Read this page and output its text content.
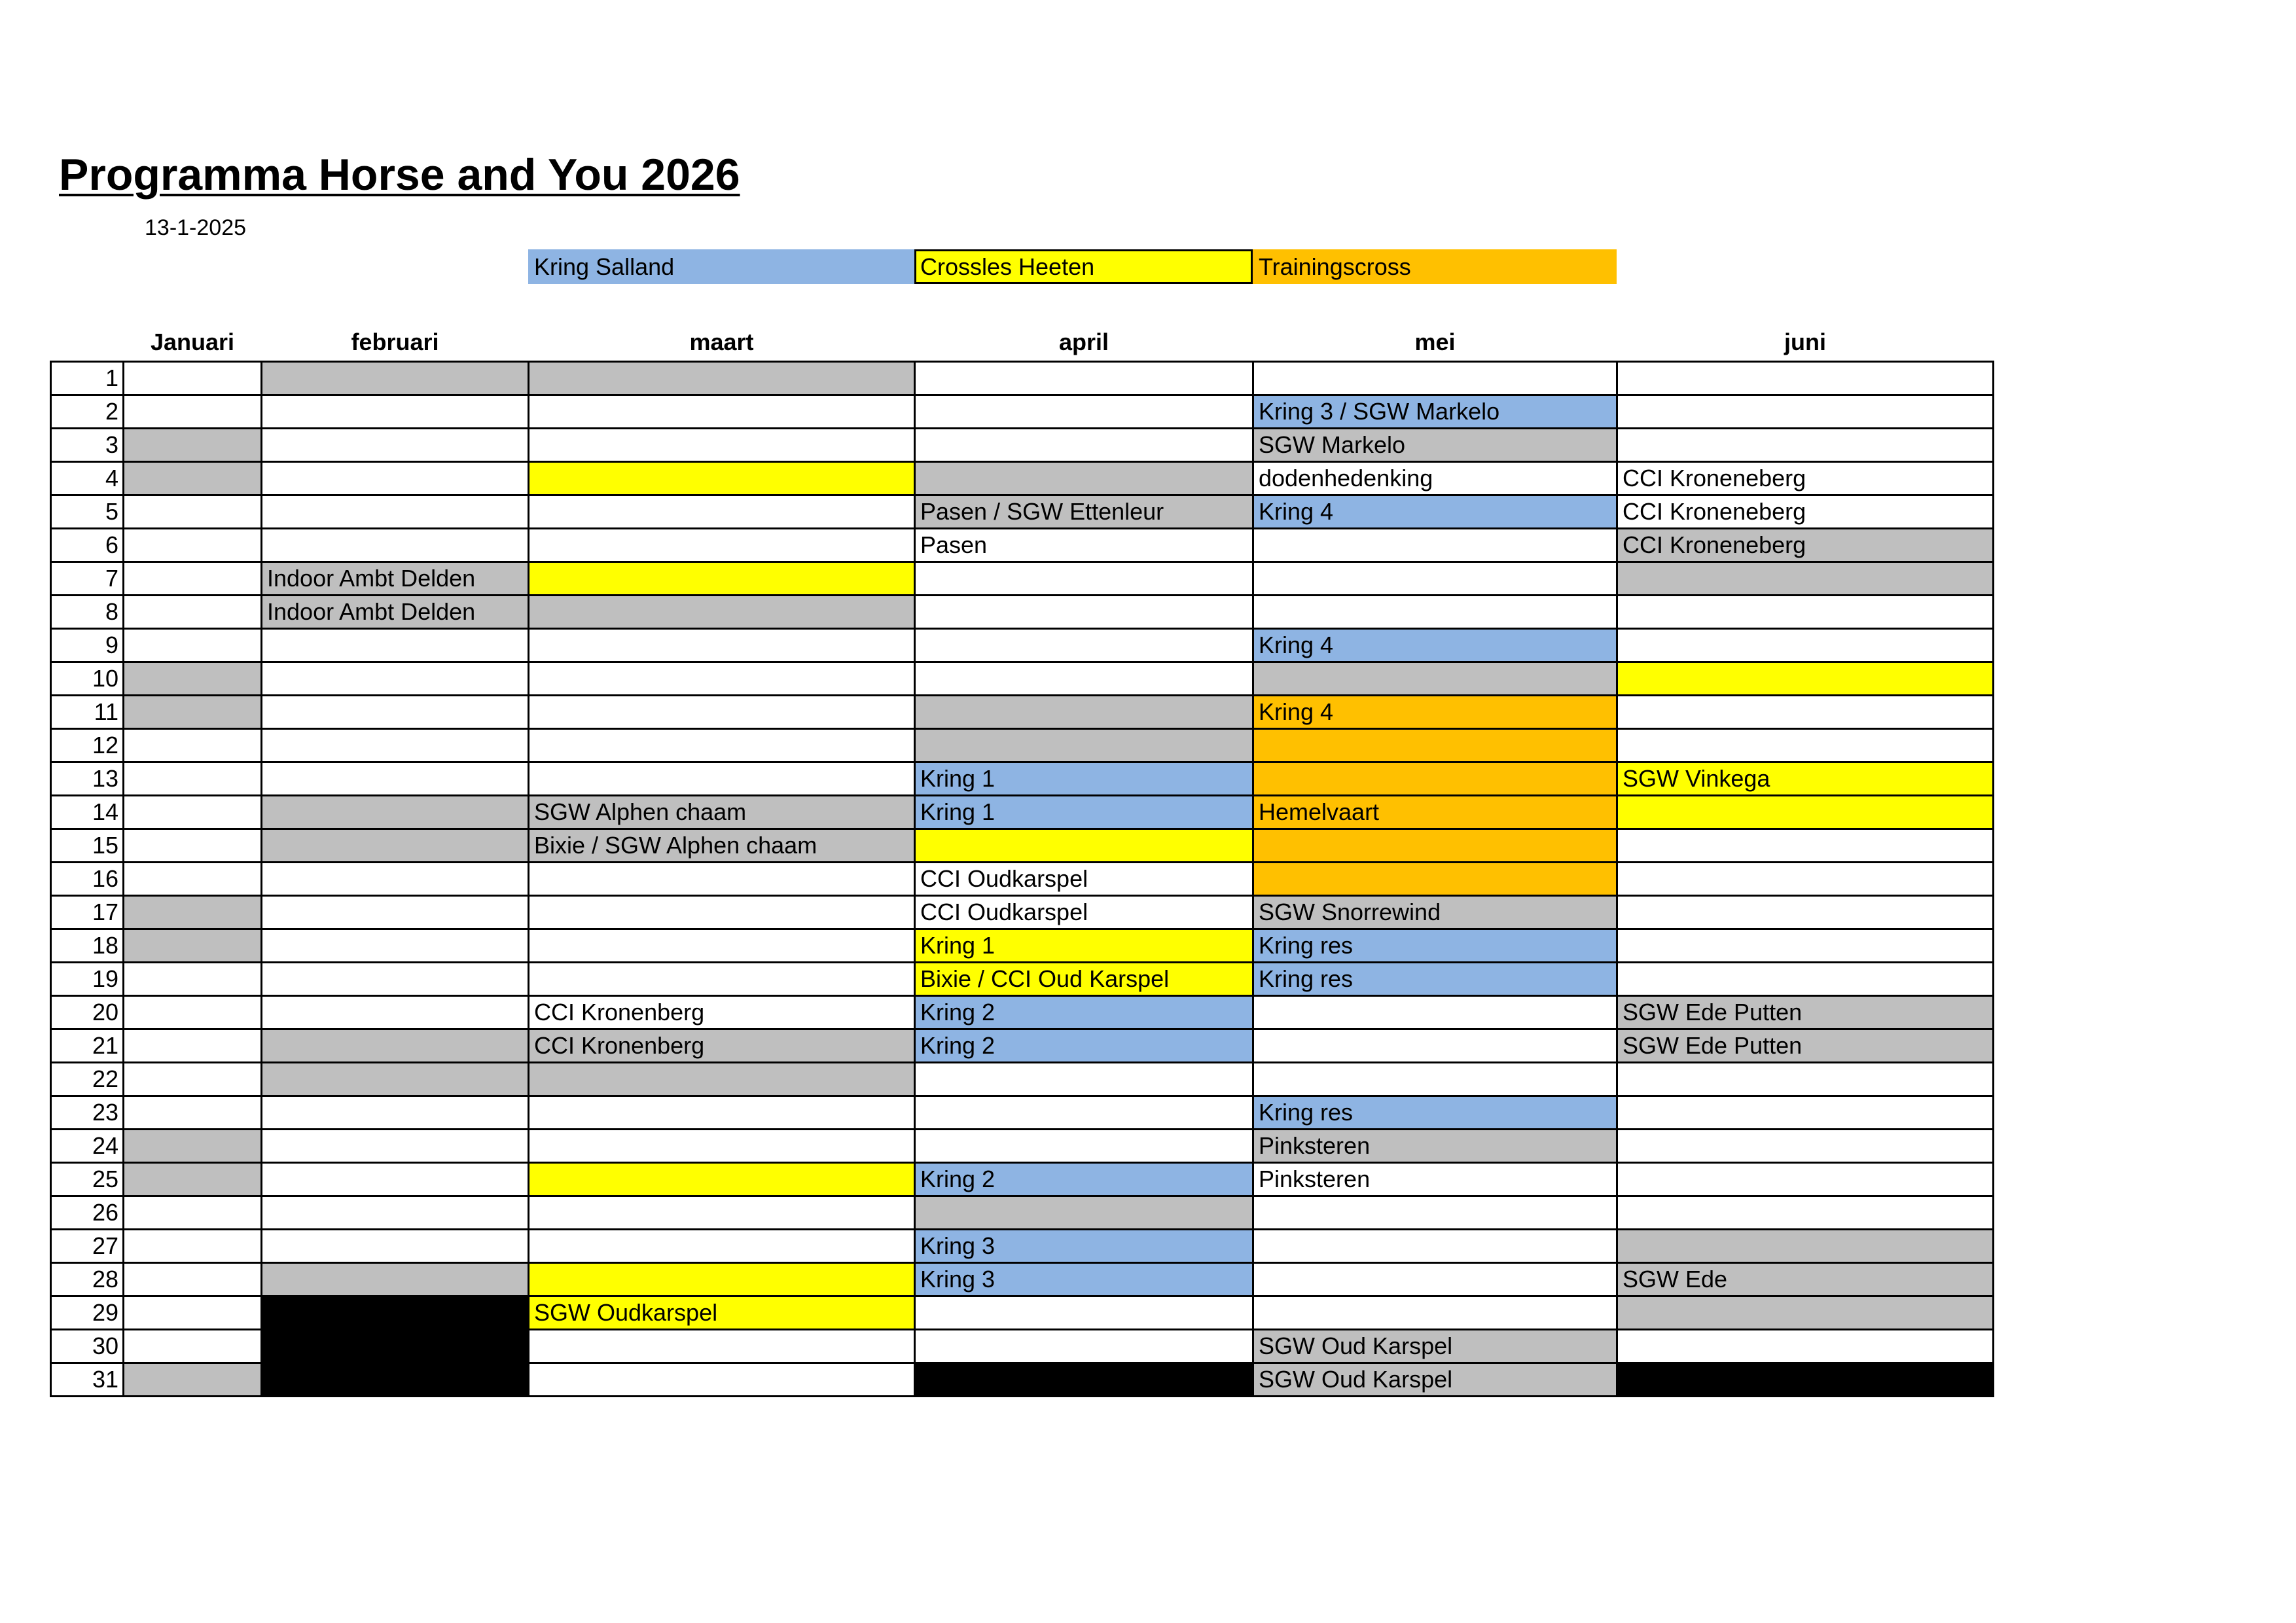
Programma Horse and You 2026
13-1-2025
Kring Salland	Crossles Heeten	Trainingscross
	Januari	februari	maart	april	mei	juni
1						
2					Kring 3 / SGW Markelo	
3					SGW Markelo	
4					dodenhedenking	CCI Kroneneberg
5				Pasen / SGW Ettenleur	Kring 4	CCI Kroneneberg
6				Pasen		CCI Kroneneberg
7		Indoor Ambt Delden				
8		Indoor Ambt Delden				
9					Kring 4	
10						
11					Kring 4	
12						
13				Kring 1		SGW Vinkega
14			SGW Alphen chaam	Kring 1	Hemelvaart	
15			Bixie / SGW Alphen chaam			
16				CCI Oudkarspel		
17				CCI Oudkarspel	SGW Snorrewind	
18				Kring 1	Kring res	
19				Bixie / CCI Oud Karspel	Kring res	
20			CCI Kronenberg	Kring 2		SGW Ede Putten
21			CCI Kronenberg	Kring 2		SGW Ede Putten
22						
23					Kring res	
24					Pinksteren	
25				Kring 2	Pinksteren	
26						
27				Kring 3		
28				Kring 3		SGW Ede
29			SGW Oudkarspel			
30					SGW Oud Karspel	
31					SGW Oud Karspel	
